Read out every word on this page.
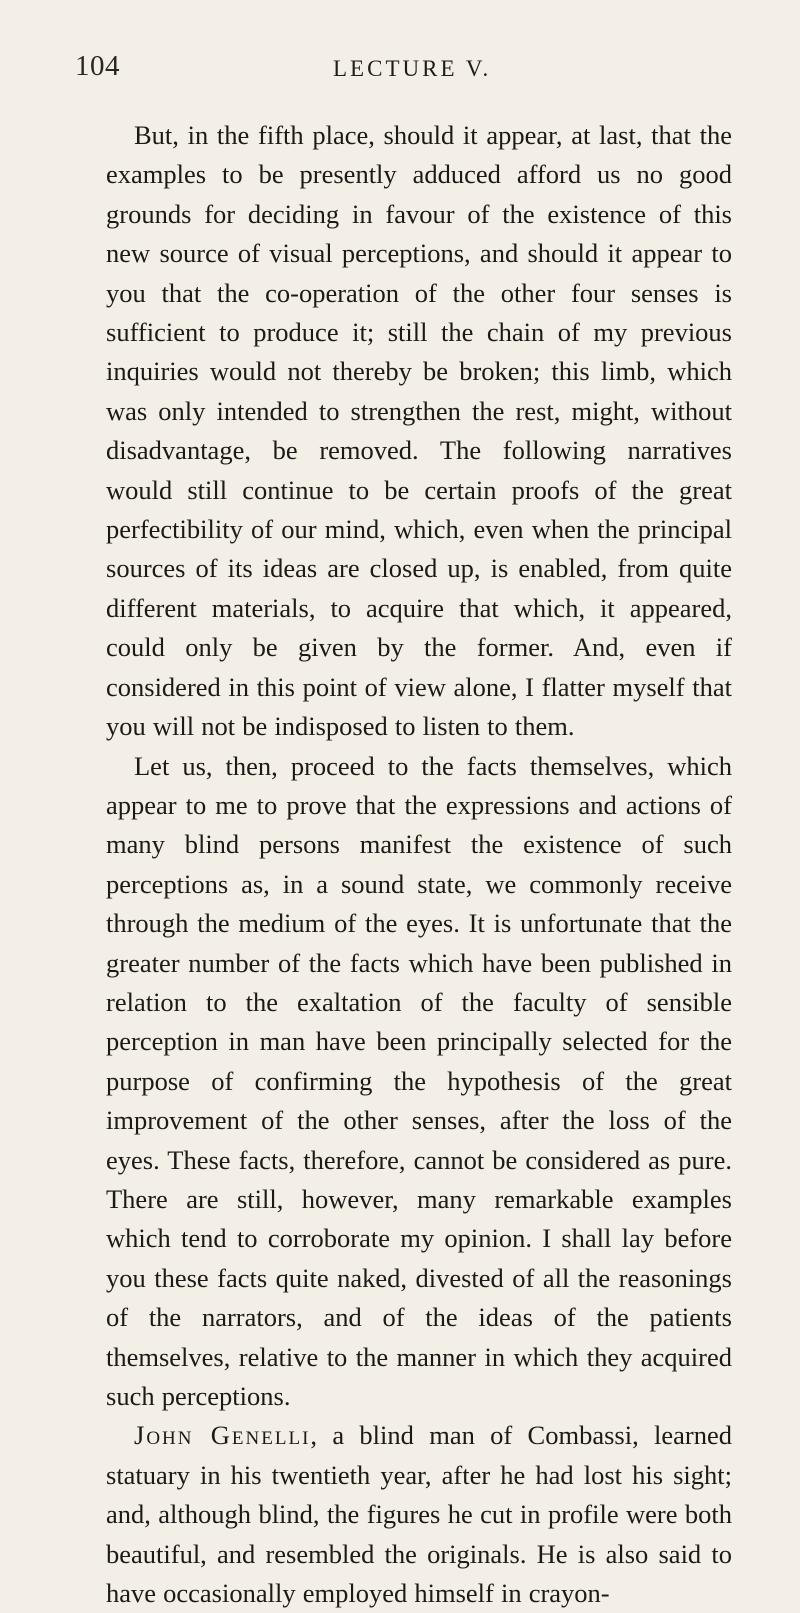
104	LECTURE V.

But, in the fifth place, should it appear, at last, that the examples to be presently adduced afford us no good grounds for deciding in favour of the existence of this new source of visual perceptions, and should it appear to you that the co-operation of the other four senses is sufficient to produce it; still the chain of my previous inquiries would not thereby be broken; this limb, which was only intended to strengthen the rest, might, without disadvantage, be removed. The following narratives would still continue to be certain proofs of the great perfectibility of our mind, which, even when the principal sources of its ideas are closed up, is enabled, from quite different materials, to acquire that which, it appeared, could only be given by the former. And, even if considered in this point of view alone, I flatter myself that you will not be indisposed to listen to them.

Let us, then, proceed to the facts themselves, which appear to me to prove that the expressions and actions of many blind persons manifest the existence of such perceptions as, in a sound state, we commonly receive through the medium of the eyes. It is unfortunate that the greater number of the facts which have been published in relation to the exaltation of the faculty of sensible perception in man have been principally selected for the purpose of confirming the hypothesis of the great improvement of the other senses, after the loss of the eyes. These facts, therefore, cannot be considered as pure. There are still, however, many remarkable examples which tend to corroborate my opinion. I shall lay before you these facts quite naked, divested of all the reasonings of the narrators, and of the ideas of the patients themselves, relative to the manner in which they acquired such perceptions.

John Genelli, a blind man of Combassi, learned statuary in his twentieth year, after he had lost his sight; and, although blind, the figures he cut in profile were both beautiful, and resembled the originals. He is also said to have occasionally employed himself in crayon-
